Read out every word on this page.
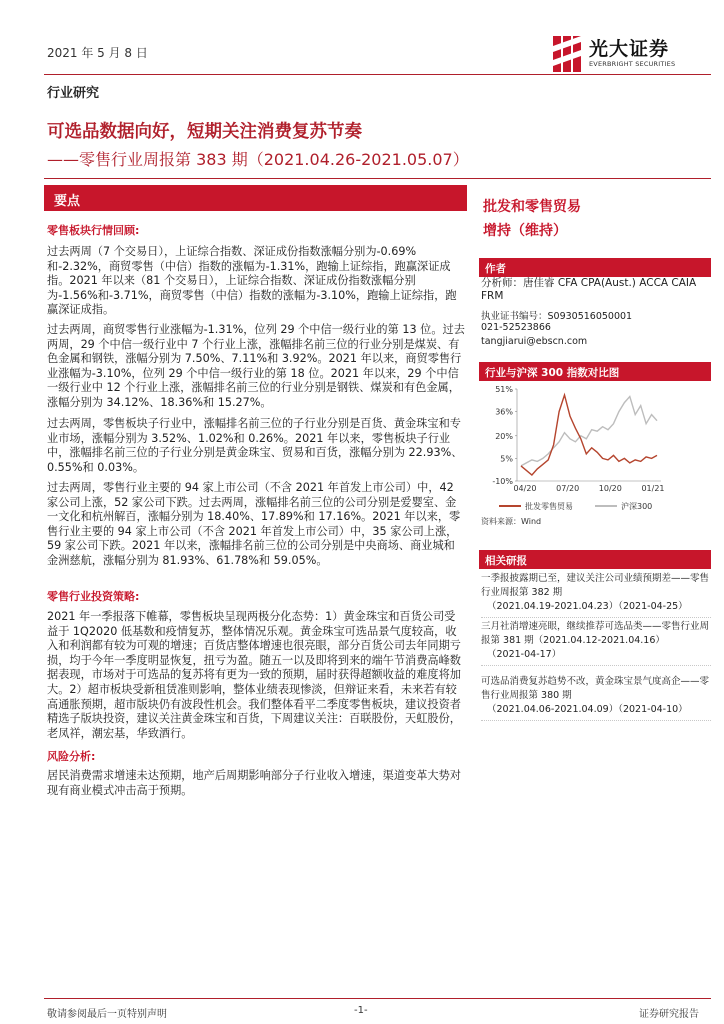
2021 年 5 月 8 日	光大证券
EVERBRIGHT SECURITIES
行业研究
可选品数据向好，短期关注消费复苏节奏
——零售行业周报第 383 期（2021.04.26-2021.05.07）
要点
零售板块行情回顾:
过去两周（7 个交易日），上证综合指数、深证成份指数涨幅分别为-0.69%和-2.32%，商贸零售（中信）指数的涨幅为-1.31%，跑输上证综指，跑赢深证成指。2021 年以来（81 个交易日），上证综合指数、深证成份指数涨幅分别为-1.56%和-3.71%，商贸零售（中信）指数的涨幅为-3.10%，跑输上证综指，跑赢深证成指。
过去两周，商贸零售行业涨幅为-1.31%，位列 29 个中信一级行业的第 13 位。过去两周，29 个中信一级行业中 7 个行业上涨，涨幅排名前三位的行业分别是煤炭、有色金属和钢铁，涨幅分别为 7.50%、7.11%和 3.92%。2021 年以来，商贸零售行业涨幅为-3.10%，位列 29 个中信一级行业的第 18 位。2021 年以来，29 个中信一级行业中 12 个行业上涨，涨幅排名前三位的行业分别是钢铁、煤炭和有色金属，涨幅分别为 34.12%、18.36%和 15.27%。
过去两周，零售板块子行业中，涨幅排名前三位的子行业分别是百货、黄金珠宝和专业市场，涨幅分别为 3.52%、1.02%和 0.26%。2021 年以来，零售板块子行业中，涨幅排名前三位的子行业分别是黄金珠宝、贸易和百货，涨幅分别为 22.93%、0.55%和 0.03%。
过去两周，零售行业主要的 94 家上市公司（不含 2021 年首发上市公司）中，42 家公司上涨，52 家公司下跌。过去两周，涨幅排名前三位的公司分别是爱婴室、金一文化和杭州解百，涨幅分别为 18.40%、17.89%和 17.16%。2021 年以来，零售行业主要的 94 家上市公司（不含 2021 年首发上市公司）中，35 家公司上涨，59 家公司下跌。2021 年以来，涨幅排名前三位的公司分别是中央商场、商业城和金洲慈航，涨幅分别为 81.93%、61.78%和 59.05%。
零售行业投资策略:
2021 年一季报落下帷幕，零售板块呈现两极分化态势：1）黄金珠宝和百货公司受益于 1Q2020 低基数和疫情复苏，整体情况乐观。黄金珠宝可选品景气度较高，收入和利润都有较为可观的增速；百货店整体增速也很亮眼，部分百货公司去年同期亏损，均于今年一季度明显恢复，扭亏为盈。随五一以及即将到来的端午节消费高峰数据表现，市场对于可选品的复苏将有更为一致的预期，届时获得超额收益的难度将加大。2）超市板块受新租赁准则影响，整体业绩表现惨淡，但辩证来看，未来若有较高通胀预期，超市版块仍有波段性机会。我们整体看平二季度零售板块，建议投资者精选子版块投资，建议关注黄金珠宝和百货，下周建议关注：百联股份，天虹股份，老凤祥，潮宏基，华致酒行。
风险分析:
居民消费需求增速未达预期，地产后周期影响部分子行业收入增速，渠道变革大势对现有商业模式冲击高于预期。
批发和零售贸易
增持（维持）
作者
分析师：唐佳睿 CFA CPA(Aust.) ACCA CAIA FRM
执业证书编号：S0930516050001
021-52523866
tangjiarui@ebscn.com
行业与沪深 300 指数对比图
51%
36%
20%
5%
-10%
04/20 07/20 10/20 01/21
批发零售贸易	沪深300
资料来源：Wind
相关研报
一季报披露期已至，建议关注公司业绩预期差——零售行业周报第 382 期
（2021.04.19-2021.04.23）（2021-04-25）
三月社消增速亮眼，继续推荐可选品类——零售行业周报第 381 期（2021.04.12-2021.04.16）
（2021-04-17）
可选品消费复苏趋势不改，黄金珠宝景气度高企——零售行业周报第 380 期
（2021.04.06-2021.04.09）（2021-04-10）
敬请参阅最后一页特别声明	-1-	证券研究报告
